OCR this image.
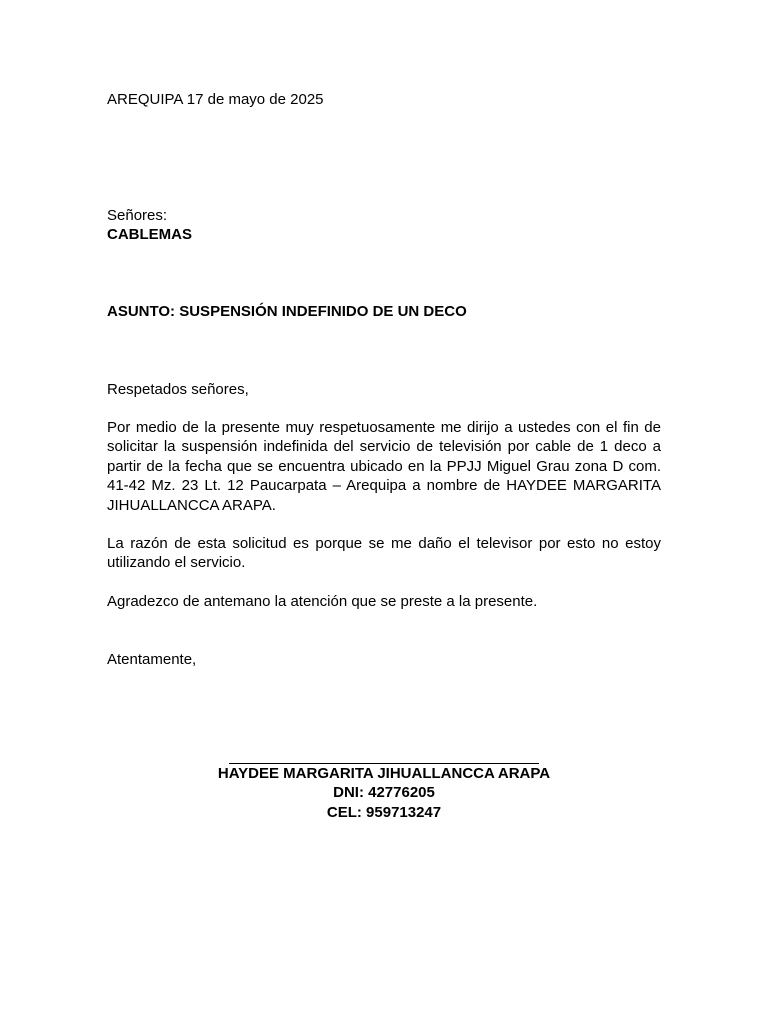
AREQUIPA 17 de mayo de 2025

Señores:

CABLEMAS

ASUNTO: SUSPENSIÓN INDEFINIDO DE UN DECO

Respetados señores,

Por medio de la presente muy respetuosamente me dirijo a ustedes con el fin de solicitar la suspensión indefinida del servicio de televisión por cable de 1 deco a partir de la fecha que se encuentra ubicado en la PPJJ Miguel Grau zona D com. 41-42 Mz. 23 Lt. 12 Paucarpata – Arequipa a nombre de HAYDEE MARGARITA JIHUALLANCCA ARAPA.

La razón de esta solicitud es porque se me daño el televisor por esto no estoy utilizando el servicio.

Agradezco de antemano la atención que se preste a la presente.

Atentamente,

HAYDEE MARGARITA JIHUALLANCCA ARAPA
DNI: 42776205
CEL: 959713247
